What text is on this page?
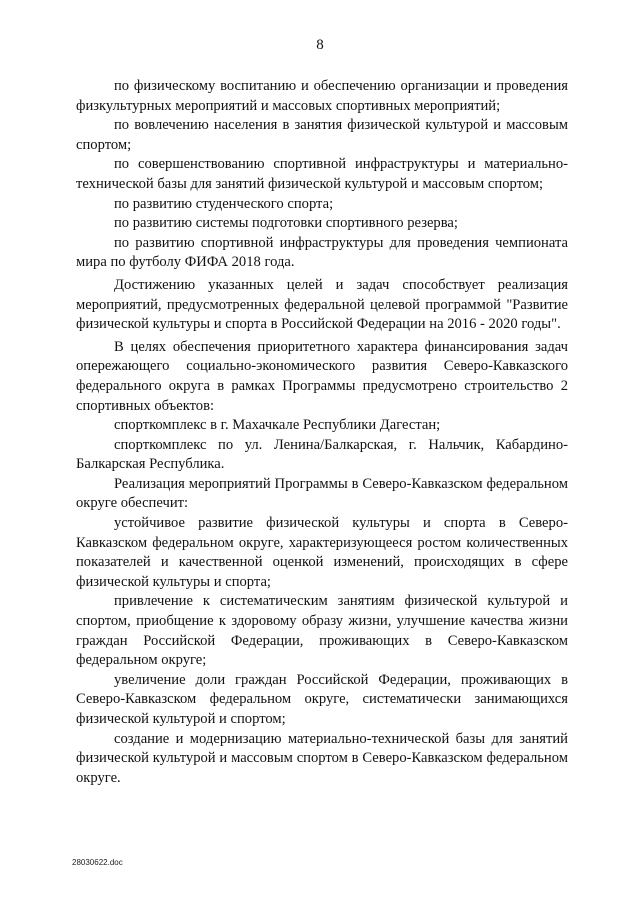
8

по физическому воспитанию и обеспечению организации и проведения физкультурных мероприятий и массовых спортивных мероприятий;

по вовлечению населения в занятия физической культурой и массовым спортом;

по совершенствованию спортивной инфраструктуры и материально-технической базы для занятий физической культурой и массовым спортом;

по развитию студенческого спорта;

по развитию системы подготовки спортивного резерва;

по развитию спортивной инфраструктуры для проведения чемпионата мира по футболу ФИФА 2018 года.

Достижению указанных целей и задач способствует реализация мероприятий, предусмотренных федеральной целевой программой "Развитие физической культуры и спорта в Российской Федерации на 2016 - 2020 годы".

В целях обеспечения приоритетного характера финансирования задач опережающего социально-экономического развития Северо-Кавказского федерального округа в рамках Программы предусмотрено строительство 2 спортивных объектов:

спорткомплекс в г. Махачкале Республики Дагестан;

спорткомплекс по ул. Ленина/Балкарская, г. Нальчик, Кабардино-Балкарская Республика.

Реализация мероприятий Программы в Северо-Кавказском федеральном округе обеспечит:

устойчивое развитие физической культуры и спорта в Северо-Кавказском федеральном округе, характеризующееся ростом количественных показателей и качественной оценкой изменений, происходящих в сфере физической культуры и спорта;

привлечение к систематическим занятиям физической культурой и спортом, приобщение к здоровому образу жизни, улучшение качества жизни граждан Российской Федерации, проживающих в Северо-Кавказском федеральном округе;

увеличение доли граждан Российской Федерации, проживающих в Северо-Кавказском федеральном округе, систематически занимающихся физической культурой и спортом;

создание и модернизацию материально-технической базы для занятий физической культурой и массовым спортом в Северо-Кавказском федеральном округе.

28030622.doc
